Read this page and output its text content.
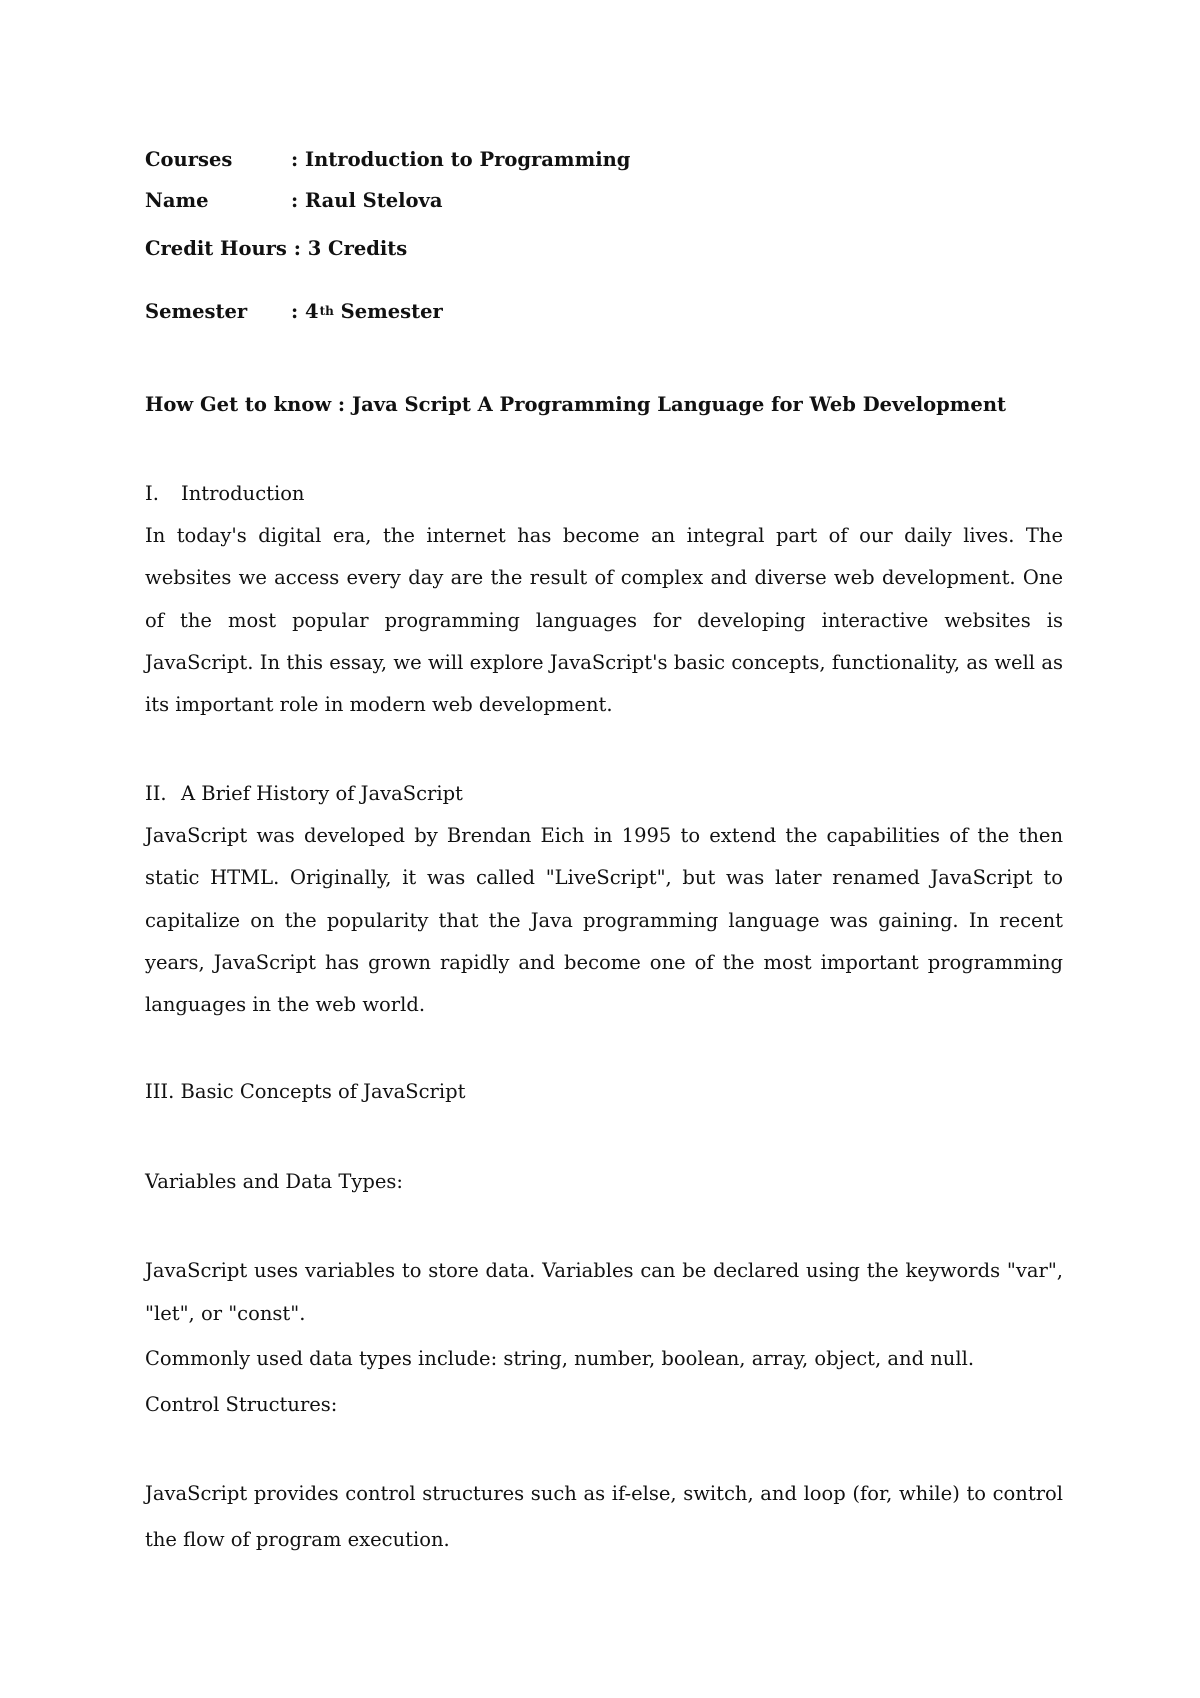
Courses	: Introduction to Programming
Name	: Raul Stelova
Credit Hours : 3 Credits
Semester : 4th Semester
How Get to know : Java Script A Programming Language for Web Development
I. Introduction

In today's digital era, the internet has become an integral part of our daily lives. The websites we access every day are the result of complex and diverse web development. One of the most popular programming languages for developing interactive websites is JavaScript. In this essay, we will explore JavaScript's basic concepts, functionality, as well as its important role in modern web development.

II. A Brief History of JavaScript

JavaScript was developed by Brendan Eich in 1995 to extend the capabilities of the then static HTML. Originally, it was called "LiveScript", but was later renamed JavaScript to capitalize on the popularity that the Java programming language was gaining. In recent years, JavaScript has grown rapidly and become one of the most important programming languages in the web world.

III. Basic Concepts of JavaScript
Variables and Data Types:

JavaScript uses variables to store data. Variables can be declared using the keywords "var", "let", or "const".

Commonly used data types include: string, number, boolean, array, object, and null.
Control Structures:

JavaScript provides control structures such as if-else, switch, and loop (for, while) to control the flow of program execution.
